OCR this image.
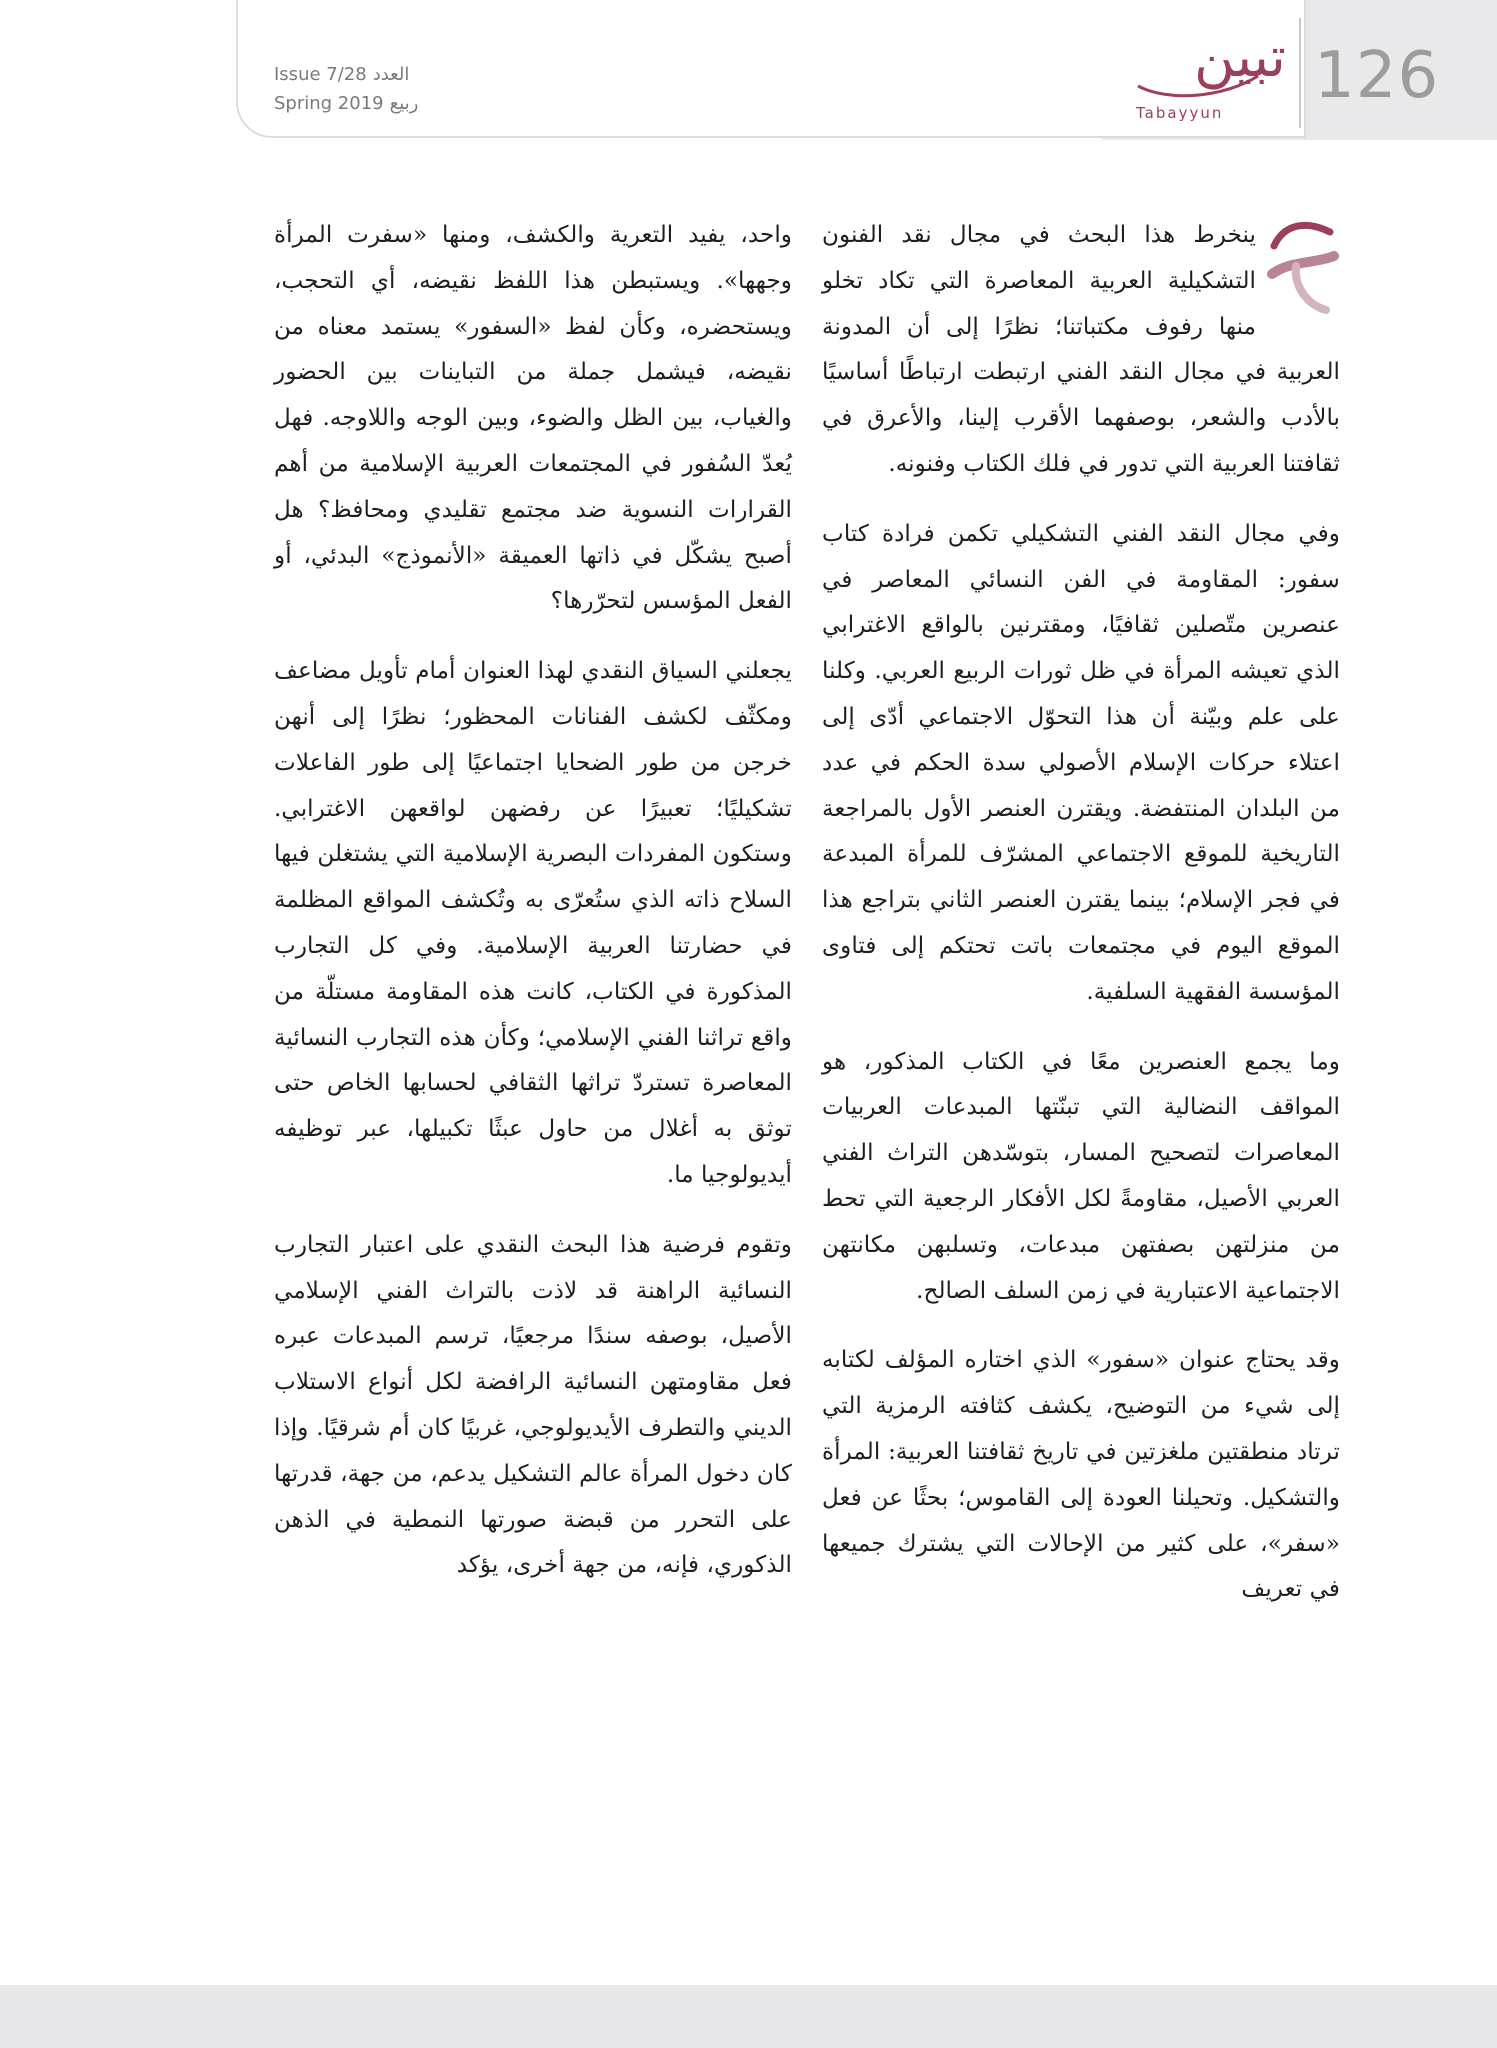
Issue 7/28 العدد
Spring 2019 ربيع
تبين
Tabayyun 126

ينخرط هذا البحث في مجال نقد الفنون التشكيلية العربية المعاصرة التي تكاد تخلو منها رفوف مكتباتنا؛ نظرًا إلى أن المدونة العربية في مجال النقد الفني ارتبطت ارتباطًا أساسيًا بالأدب والشعر، بوصفهما الأقرب إلينا، والأعرق في ثقافتنا العربية التي تدور في فلك الكتاب وفنونه.

وفي مجال النقد الفني التشكيلي تكمن فرادة كتاب سفور: المقاومة في الفن النسائي المعاصر في عنصرين متّصلين ثقافيًا، ومقترنين بالواقع الاغترابي الذي تعيشه المرأة في ظل ثورات الربيع العربي. وكلنا على علم وبيّنة أن هذا التحوّل الاجتماعي أدّى إلى اعتلاء حركات الإسلام الأصولي سدة الحكم في عدد من البلدان المنتفضة. ويقترن العنصر الأول بالمراجعة التاريخية للموقع الاجتماعي المشرّف للمرأة المبدعة في فجر الإسلام؛ بينما يقترن العنصر الثاني بتراجع هذا الموقع اليوم في مجتمعات باتت تحتكم إلى فتاوى المؤسسة الفقهية السلفية.

وما يجمع العنصرين معًا في الكتاب المذكور، هو المواقف النضالية التي تبنّتها المبدعات العربيات المعاصرات لتصحيح المسار، بتوسّدهن التراث الفني العربي الأصيل، مقاومةً لكل الأفكار الرجعية التي تحط من منزلتهن بصفتهن مبدعات، وتسلبهن مكانتهن الاجتماعية الاعتبارية في زمن السلف الصالح.

وقد يحتاج عنوان «سفور» الذي اختاره المؤلف لكتابه إلى شيء من التوضيح، يكشف كثافته الرمزية التي ترتاد منطقتين ملغزتين في تاريخ ثقافتنا العربية: المرأة والتشكيل. وتحيلنا العودة إلى القاموس؛ بحثًا عن فعل «سفر»، على كثير من الإحالات التي يشترك جميعها في تعريف

واحد، يفيد التعرية والكشف، ومنها «سفرت المرأة وجهها». ويستبطن هذا اللفظ نقيضه، أي التحجب، ويستحضره، وكأن لفظ «السفور» يستمد معناه من نقيضه، فيشمل جملة من التباينات بين الحضور والغياب، بين الظل والضوء، وبين الوجه واللاوجه. فهل يُعدّ السُفور في المجتمعات العربية الإسلامية من أهم القرارات النسوية ضد مجتمع تقليدي ومحافظ؟ هل أصبح يشكّل في ذاتها العميقة «الأنموذج» البدئي، أو الفعل المؤسس لتحرّرها؟

يجعلني السياق النقدي لهذا العنوان أمام تأويل مضاعف ومكثّف لكشف الفنانات المحظور؛ نظرًا إلى أنهن خرجن من طور الضحايا اجتماعيًا إلى طور الفاعلات تشكيليًا؛ تعبيرًا عن رفضهن لواقعهن الاغترابي. وستكون المفردات البصرية الإسلامية التي يشتغلن فيها السلاح ذاته الذي ستُعرّى به وتُكشف المواقع المظلمة في حضارتنا العربية الإسلامية. وفي كل التجارب المذكورة في الكتاب، كانت هذه المقاومة مستلّة من واقع تراثنا الفني الإسلامي؛ وكأن هذه التجارب النسائية المعاصرة تستردّ تراثها الثقافي لحسابها الخاص حتى توثق به أغلال من حاول عبثًا تكبيلها، عبر توظيفه أيديولوجيا ما.

وتقوم فرضية هذا البحث النقدي على اعتبار التجارب النسائية الراهنة قد لاذت بالتراث الفني الإسلامي الأصيل، بوصفه سندًا مرجعيًا، ترسم المبدعات عبره فعل مقاومتهن النسائية الرافضة لكل أنواع الاستلاب الديني والتطرف الأيديولوجي، غربيًا كان أم شرقيًا. وإذا كان دخول المرأة عالم التشكيل يدعم، من جهة، قدرتها على التحرر من قبضة صورتها النمطية في الذهن الذكوري، فإنه، من جهة أخرى، يؤكد
